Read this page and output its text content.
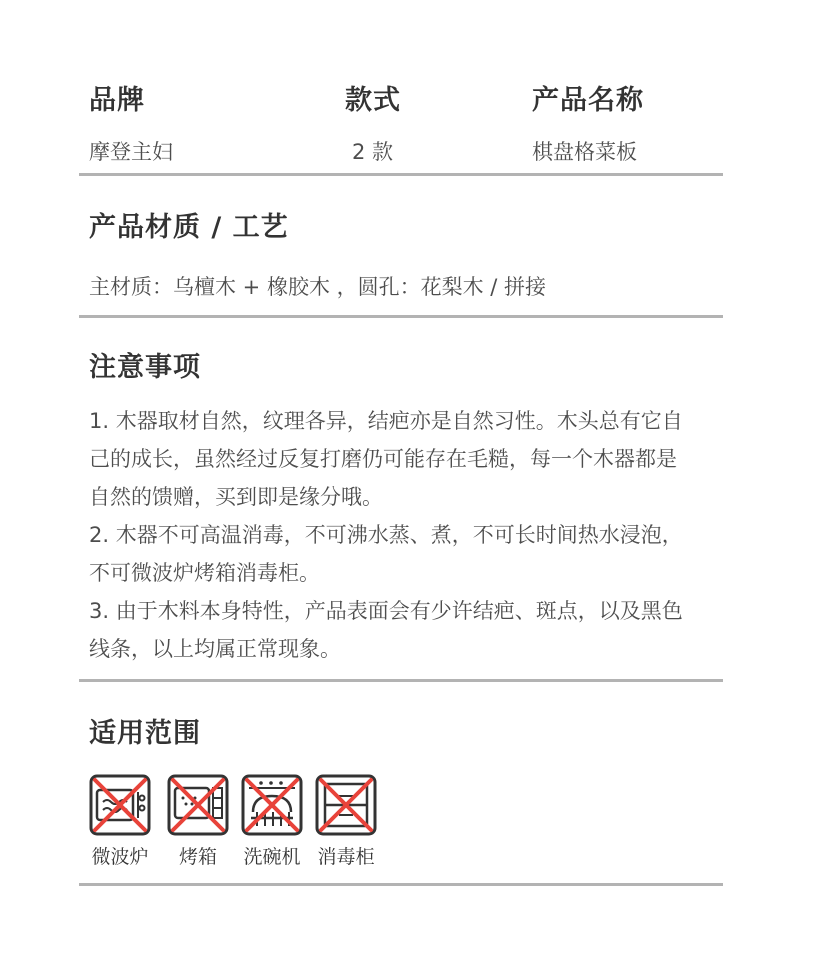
品牌
摩登主妇
款式
2 款
产品名称
棋盘格菜板
产品材质 / 工艺
主材质：乌檀木 + 橡胶木 ，圆孔：花梨木 / 拼接
注意事项
1. 木器取材自然，纹理各异，结疤亦是自然习性。木头总有它自
己的成长，虽然经过反复打磨仍可能存在毛糙，每一个木器都是
自然的馈赠，买到即是缘分哦。
2. 木器不可高温消毒，不可沸水蒸、煮，不可长时间热水浸泡，
不可微波炉烤箱消毒柜。
3. 由于木料本身特性，产品表面会有少许结疤、斑点，以及黑色
线条，以上均属正常现象。
适用范围
微波炉	烤箱	洗碗机 消毒柜
